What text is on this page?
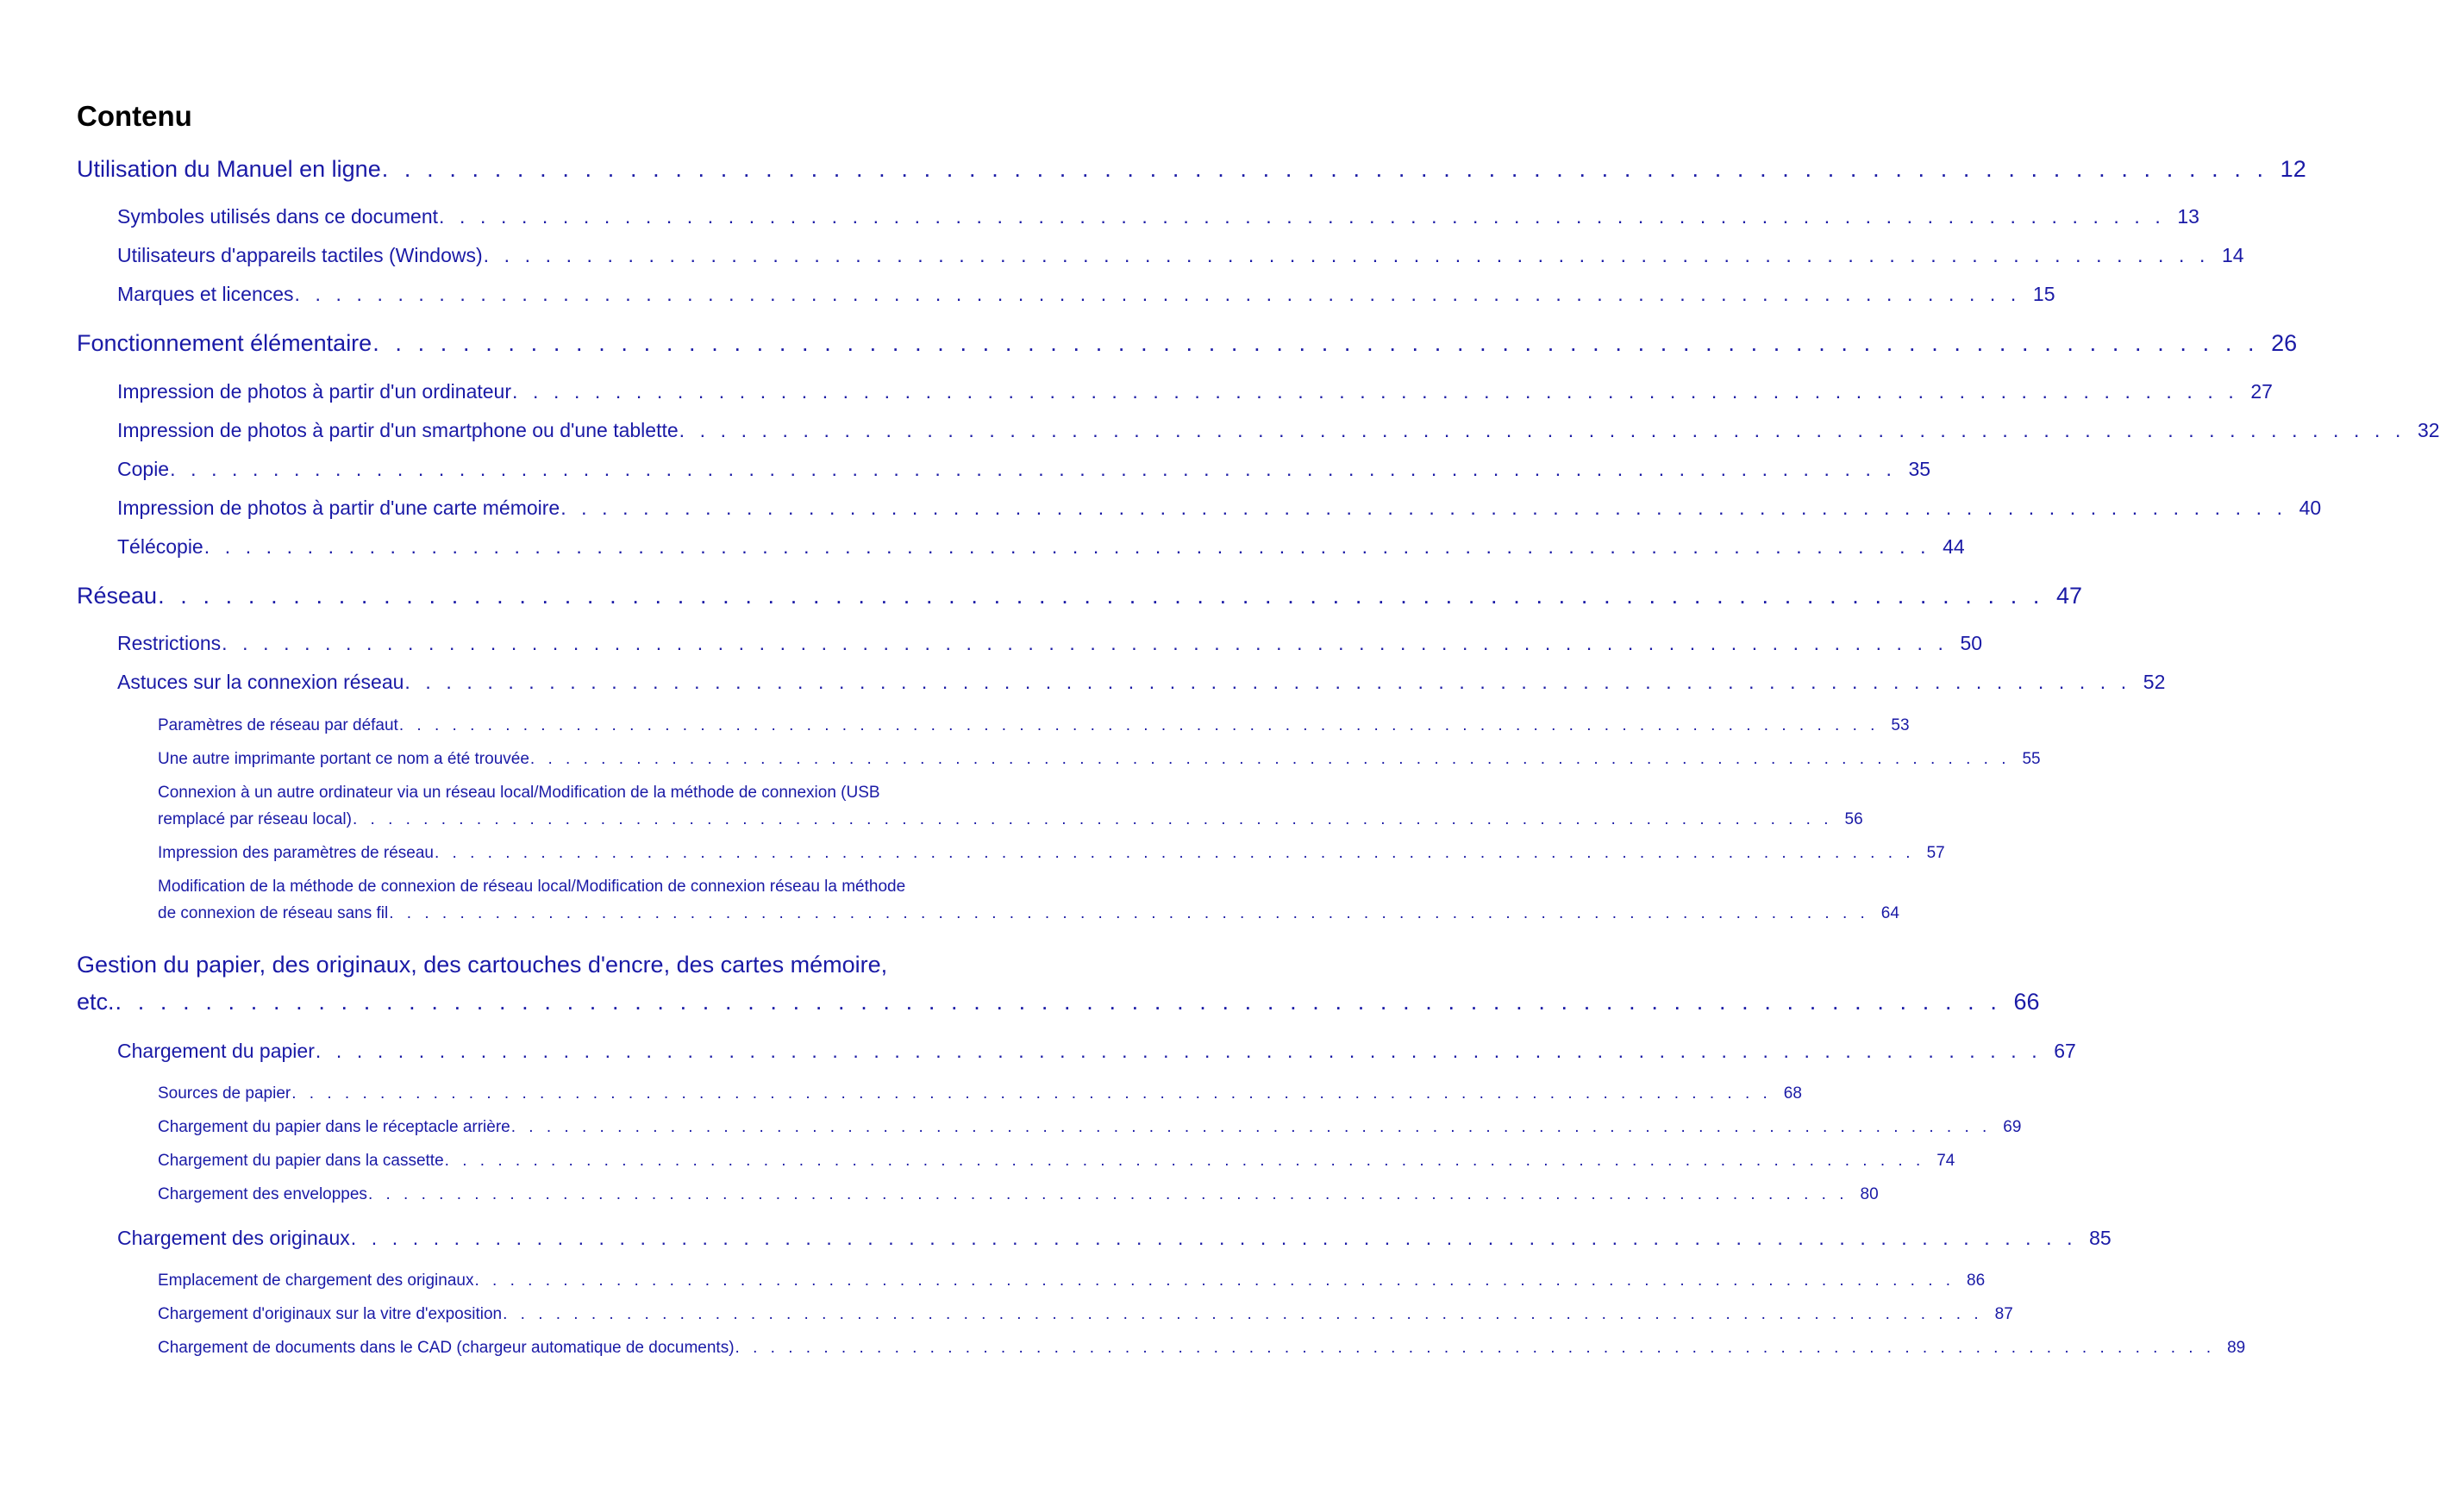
Contenu
Utilisation du Manuel en ligne . . . . . . . . . . . . . . . . . . . . . . . . . . . . . . . . . . . . . . . . . . . . . . . . . . . . . . . . . . . . . . . . . . . . . . . . . . . . . . . . . . . . 12
Symboles utilisés dans ce document . . . . . . . . . . . . . . . . . . . . . . . . . . . . . . . . . . . . . . . . . . . . . . . . . . . . . . . . . . . . . . . . . . . . . . . . . . . . . . . . . . . . 13
Utilisateurs d'appareils tactiles (Windows) . . . . . . . . . . . . . . . . . . . . . . . . . . . . . . . . . . . . . . . . . . . . . . . . . . . . . . . . . . . . . . . . . . . . . . . . . . . . . . . . . . . . 14
Marques et licences . . . . . . . . . . . . . . . . . . . . . . . . . . . . . . . . . . . . . . . . . . . . . . . . . . . . . . . . . . . . . . . . . . . . . . . . . . . . . . . . . . . . 15
Fonctionnement élémentaire . . . . . . . . . . . . . . . . . . . . . . . . . . . . . . . . . . . . . . . . . . . . . . . . . . . . . . . . . . . . . . . . . . . . . . . . . . . . . . . . . . . . 26
Impression de photos à partir d'un ordinateur . . . . . . . . . . . . . . . . . . . . . . . . . . . . . . . . . . . . . . . . . . . . . . . . . . . . . . . . . . . . . . . . . . . . . . . . . . . . . . . . . . . . 27
Impression de photos à partir d'un smartphone ou d'une tablette . . . . . . . . . . . . . . . . . . . . . . . . . . . . . . . . . . . . . . . . . . . . . . . . . . . . . . . . . . . . . . . . . . . . . . . . . . . . . . . . . . . . 32
Copie . . . . . . . . . . . . . . . . . . . . . . . . . . . . . . . . . . . . . . . . . . . . . . . . . . . . . . . . . . . . . . . . . . . . . . . . . . . . . . . . . . . . 35
Impression de photos à partir d'une carte mémoire . . . . . . . . . . . . . . . . . . . . . . . . . . . . . . . . . . . . . . . . . . . . . . . . . . . . . . . . . . . . . . . . . . . . . . . . . . . . . . . . . . . . 40
Télécopie . . . . . . . . . . . . . . . . . . . . . . . . . . . . . . . . . . . . . . . . . . . . . . . . . . . . . . . . . . . . . . . . . . . . . . . . . . . . . . . . . . . . 44
Réseau . . . . . . . . . . . . . . . . . . . . . . . . . . . . . . . . . . . . . . . . . . . . . . . . . . . . . . . . . . . . . . . . . . . . . . . . . . . . . . . . . . . . 47
Restrictions . . . . . . . . . . . . . . . . . . . . . . . . . . . . . . . . . . . . . . . . . . . . . . . . . . . . . . . . . . . . . . . . . . . . . . . . . . . . . . . . . . . . 50
Astuces sur la connexion réseau . . . . . . . . . . . . . . . . . . . . . . . . . . . . . . . . . . . . . . . . . . . . . . . . . . . . . . . . . . . . . . . . . . . . . . . . . . . . . . . . . . . . 52
Paramètres de réseau par défaut . . . . . . . . . . . . . . . . . . . . . . . . . . . . . . . . . . . . . . . . . . . . . . . . . . . . . . . . . . . . . . . . . . . . . . . . . . . . . . . . . . . . 53
Une autre imprimante portant ce nom a été trouvée . . . . . . . . . . . . . . . . . . . . . . . . . . . . . . . . . . . . . . . . . . . . . . . . . . . . . . . . . . . . . . . . . . . . . . . . . . . . . . . . . . . . 55

Connexion à un autre ordinateur via un réseau local/Modification de la méthode de connexion (USB

remplacé par réseau local) . . . . . . . . . . . . . . . . . . . . . . . . . . . . . . . . . . . . . . . . . . . . . . . . . . . . . . . . . . . . . . . . . . . . . . . . . . . . . . . . . . . . 56
Impression des paramètres de réseau . . . . . . . . . . . . . . . . . . . . . . . . . . . . . . . . . . . . . . . . . . . . . . . . . . . . . . . . . . . . . . . . . . . . . . . . . . . . . . . . . . . . 57

Modification de la méthode de connexion de réseau local/Modification de connexion réseau la méthode

de connexion de réseau sans fil . . . . . . . . . . . . . . . . . . . . . . . . . . . . . . . . . . . . . . . . . . . . . . . . . . . . . . . . . . . . . . . . . . . . . . . . . . . . . . . . . . . . 64

Gestion du papier, des originaux, des cartouches d'encre, des cartes mémoire,

etc. . . . . . . . . . . . . . . . . . . . . . . . . . . . . . . . . . . . . . . . . . . . . . . . . . . . . . . . . . . . . . . . . . . . . . . . . . . . . . . . . . . . . 66
Chargement du papier . . . . . . . . . . . . . . . . . . . . . . . . . . . . . . . . . . . . . . . . . . . . . . . . . . . . . . . . . . . . . . . . . . . . . . . . . . . . . . . . . . . . 67
Sources de papier . . . . . . . . . . . . . . . . . . . . . . . . . . . . . . . . . . . . . . . . . . . . . . . . . . . . . . . . . . . . . . . . . . . . . . . . . . . . . . . . . . . . 68
Chargement du papier dans le réceptacle arrière . . . . . . . . . . . . . . . . . . . . . . . . . . . . . . . . . . . . . . . . . . . . . . . . . . . . . . . . . . . . . . . . . . . . . . . . . . . . . . . . . . . . 69
Chargement du papier dans la cassette . . . . . . . . . . . . . . . . . . . . . . . . . . . . . . . . . . . . . . . . . . . . . . . . . . . . . . . . . . . . . . . . . . . . . . . . . . . . . . . . . . . . 74
Chargement des enveloppes . . . . . . . . . . . . . . . . . . . . . . . . . . . . . . . . . . . . . . . . . . . . . . . . . . . . . . . . . . . . . . . . . . . . . . . . . . . . . . . . . . . . 80
Chargement des originaux . . . . . . . . . . . . . . . . . . . . . . . . . . . . . . . . . . . . . . . . . . . . . . . . . . . . . . . . . . . . . . . . . . . . . . . . . . . . . . . . . . . . 85
Emplacement de chargement des originaux . . . . . . . . . . . . . . . . . . . . . . . . . . . . . . . . . . . . . . . . . . . . . . . . . . . . . . . . . . . . . . . . . . . . . . . . . . . . . . . . . . . . 86
Chargement d'originaux sur la vitre d'exposition . . . . . . . . . . . . . . . . . . . . . . . . . . . . . . . . . . . . . . . . . . . . . . . . . . . . . . . . . . . . . . . . . . . . . . . . . . . . . . . . . . . . 87
Chargement de documents dans le CAD (chargeur automatique de documents) . . . . . . . . . . . . . . . . . . . . . . . . . . . . . . . . . . . . . . . . . . . . . . . . . . . . . . . . . . . . . . . . . . . . . . . . . . . . . . . . . . . . 89
